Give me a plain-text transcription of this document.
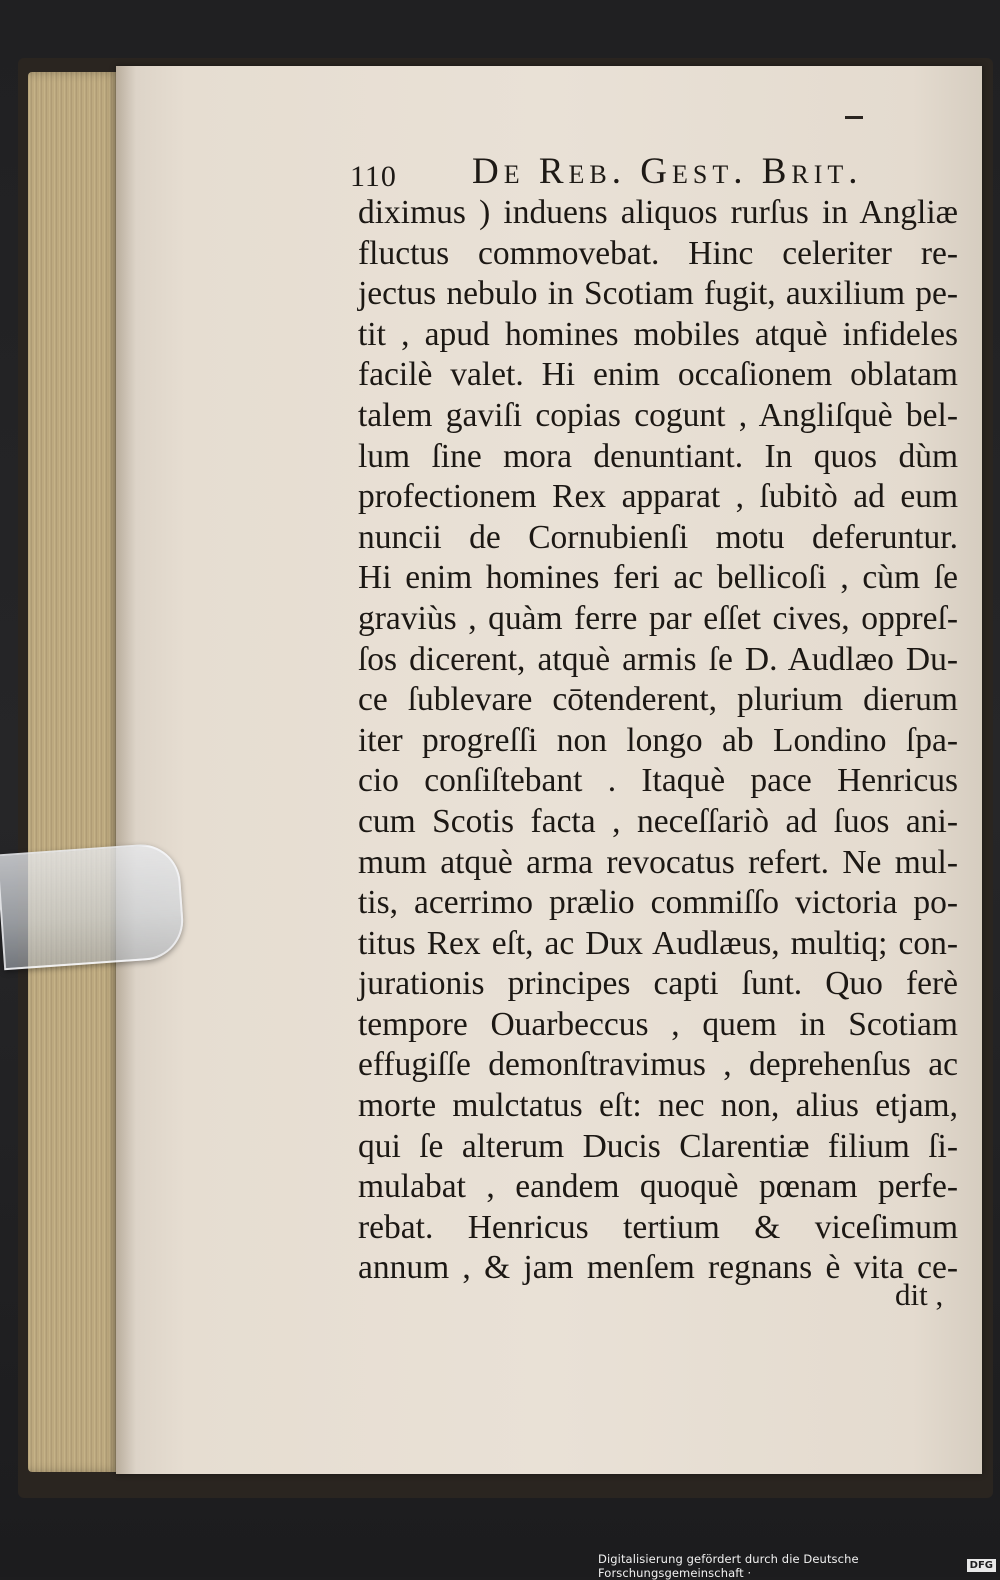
110 De Reb. Gest. Brit.
diximus ) induens aliquos rurſus in Angliæ
fluctus commovebat. Hinc celeriter re-
jectus nebulo in Scotiam fugit, auxilium pe-
tit , apud homines mobiles atquè infideles
facilè valet. Hi enim occaſionem oblatam
talem gaviſi copias cogunt , Angliſquè bel-
lum ſine mora denuntiant. In quos dùm
profectionem Rex apparat , ſubitò ad eum
nuncii de Cornubienſi motu deferuntur.
Hi enim homines feri ac bellicoſi , cùm ſe
graviùs , quàm ferre par eſſet cives, oppreſ-
ſos dicerent, atquè armis ſe D. Audlæo Du-
ce ſublevare cōtenderent, plurium dierum
iter progreſſi non longo ab Londino ſpa-
cio conſiſtebant . Itaquè pace Henricus
cum Scotis facta , neceſſariò ad ſuos ani-
mum atquè arma revocatus refert. Ne mul-
tis, acerrimo prælio commiſſo victoria po-
titus Rex eſt, ac Dux Audlæus, multiq; con-
jurationis principes capti ſunt. Quo ferè
tempore Ouarbeccus , quem in Scotiam
effugiſſe demonſtravimus , deprehenſus ac
morte mulctatus eſt: nec non, alius etjam,
qui ſe alterum Ducis Clarentiæ filium ſi-
mulabat , eandem quoquè pœnam perfe-
rebat. Henricus tertium & viceſimum
annum , & jam menſem regnans è vita ce-
dit ,
Digitalisierung gefördert durch die Deutsche Forschungsgemeinschaft ·	DFG
